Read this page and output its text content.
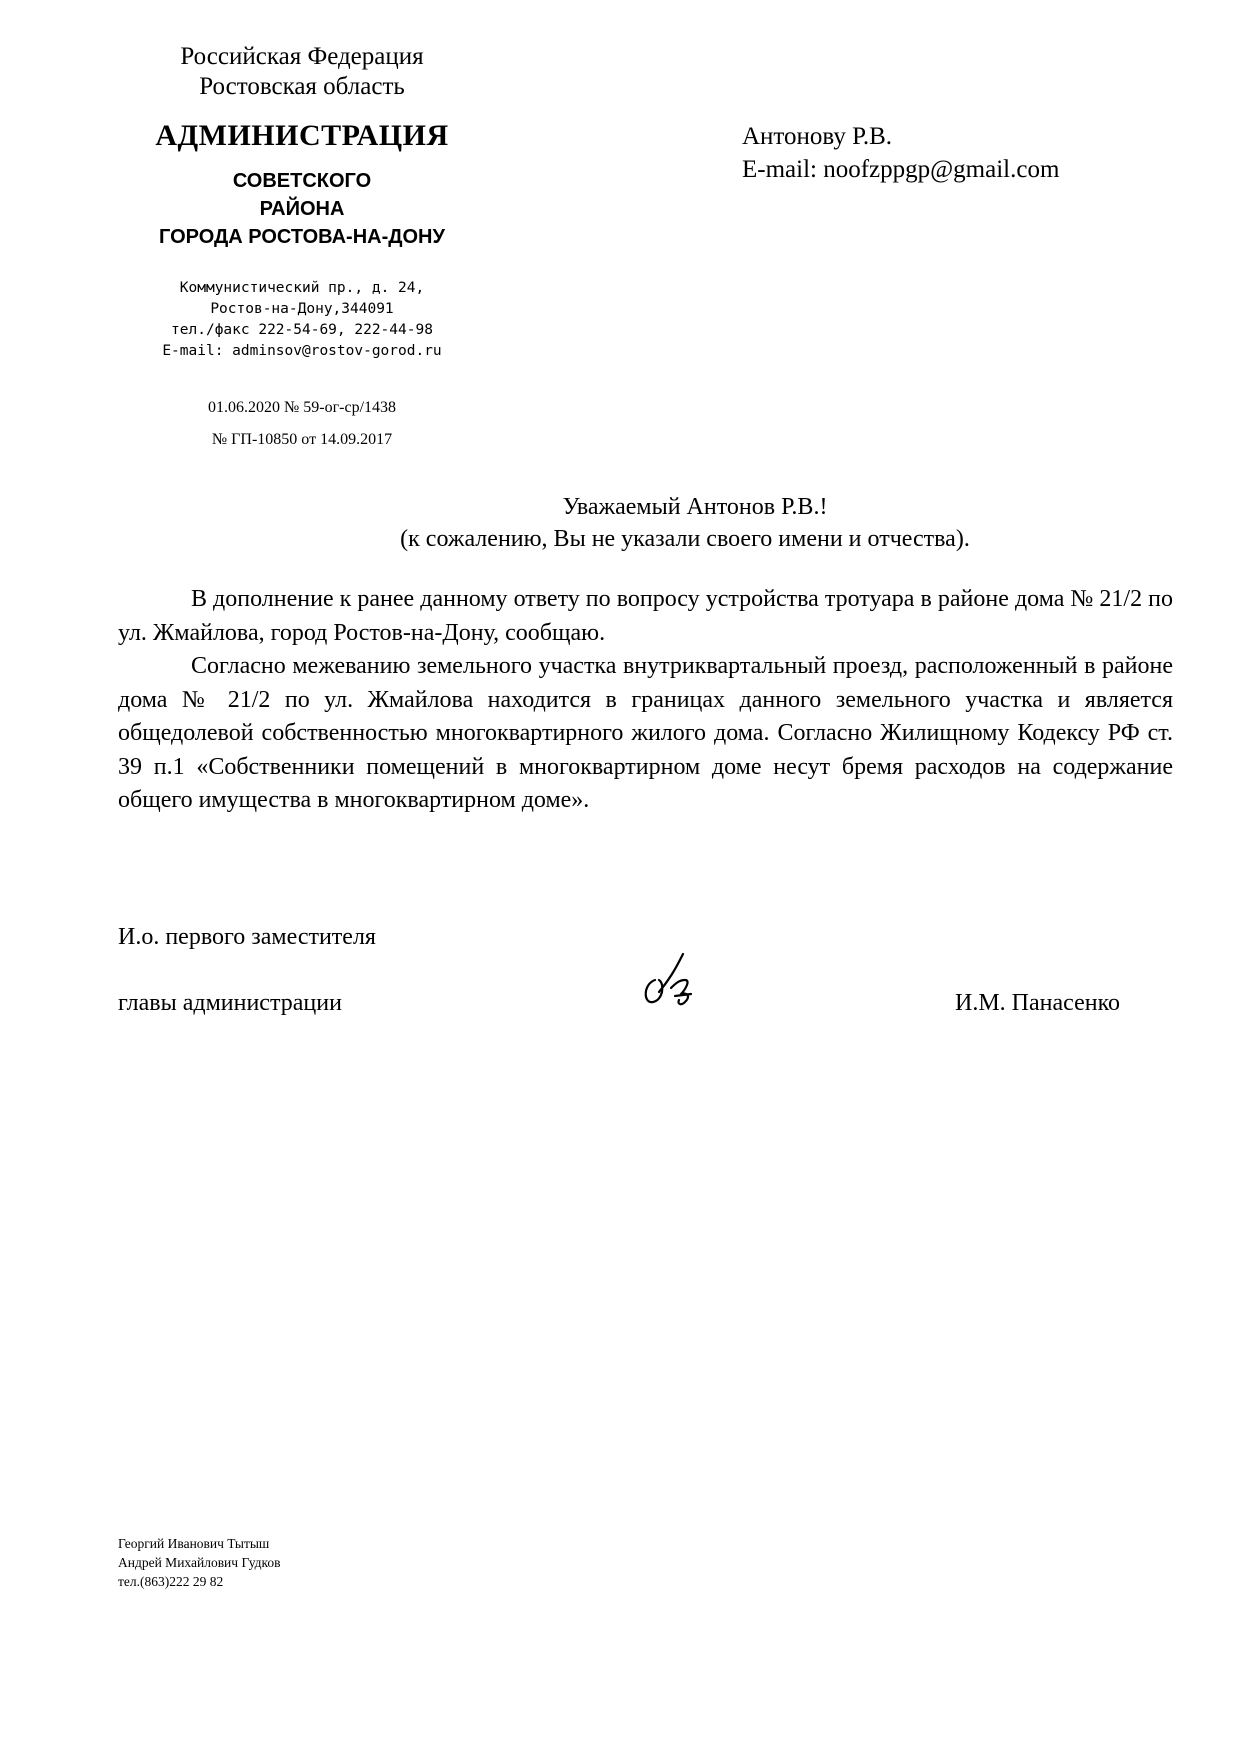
Российская Федерация
Ростовская область
АДМИНИСТРАЦИЯ
СОВЕТСКОГО
РАЙОНА
ГОРОДА РОСТОВА-НА-ДОНУ
Коммунистический пр., д. 24,
Ростов-на-Дону,344091
тел./факс 222-54-69, 222-44-98
E-mail: adminsov@rostov-gorod.ru
01.06.2020 № 59-ог-ср/1438
№ ГП-10850 от 14.09.2017
Антонову Р.В.
E-mail: noofzppgp@gmail.com
Уважаемый Антонов Р.В.!
(к сожалению, Вы не указали своего имени и отчества).

В дополнение к ранее данному ответу по вопросу устройства тротуара в районе дома № 21/2 по ул. Жмайлова, город Ростов-на-Дону, сообщаю.

Согласно межеванию земельного участка внутриквартальный проезд, расположенный в районе дома № 21/2 по ул. Жмайлова находится в границах данного земельного участка и является общедолевой собственностью многоквартирного жилого дома. Согласно Жилищному Кодексу РФ ст. 39 п.1 «Собственники помещений в многоквартирном доме несут бремя расходов на содержание общего имущества в многоквартирном доме».

И.о. первого заместителя
главы администрации	И.М. Панасенко
Георгий Иванович Тытыш
Андрей Михайлович Гудков
тел.(863)222 29 82
